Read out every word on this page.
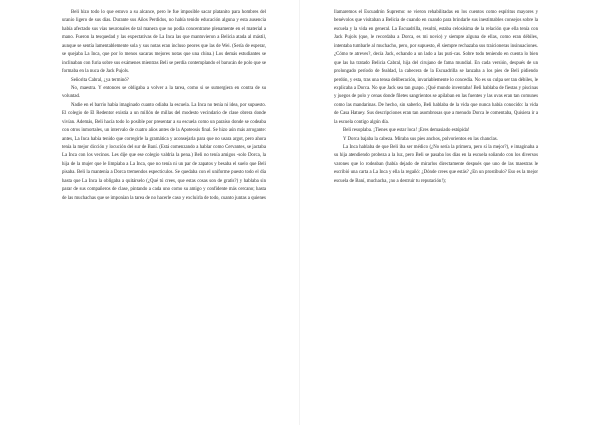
Beli hizo todo lo que estuvo a su alcance, pero le fue imposible sacar platanito para hombres del uranio ligero de sus días. Durante sus Años Perdidos, no había tenido educación alguna y esta ausencia había afectado sus vías neuronales de tal manera que no podía concentrarse plenamente en el material a mano. Fueron la tesquedad y las expectativas de La Inca las que mantuvieron a Belicia atada al mástil, aunque se sentía lamentablemente sola y sus notas eran incluso peores que las de Wei. (Sería de esperar, se quejaba La Inca, que por lo menos sacaras mejores notas que una china.) Los demás estudiantes se inclinaban con furia sobre sus exámenes mientras Beli se perdía contemplando el barucán de polo que se formaba en la nuca de Jack Pujols.

Señorita Cabral, ¿ya terminó?

No, maestra. Y entonces se obligaba a volver a la tarea, como si se sumergiera en contra de su voluntad.

Nadie en el barrio había imaginado cuanto odiaba la escuela. La Inca no tenía ni idea, por supuesto. El colegio de El Redentor existía a un millón de millas del modesto vecindario de clase obrera donde vivían. Además, Beli hacía todo lo posible por presentar a su escuela como un paraíso donde se codeaba con otros inmortales, un intervalo de cuatro años antes de la Apoteosis final. Se hizo aún más arrogante: antes, La Inca había tenido que corregirle la gramática y aconsejarla para que no usara argot, pero ahora tenía la mejor dicción y locución del sur de Baní. (Está comenzando a hablar como Cervantes, se jactaba La Inca con los vecinos. Les dije que ese colegio valdría la pena.) Beli no tenía amigos -solo Dorca, la hija de la mujer que le limpiaba a La Inca, que no tenía ni un par de zapatos y besaba el suelo que Beli pisaba. Beli la mantenía a Dorca tremendos especticulos. Se quedaba con el uniforme puesto todo el día hasta que La Inca la obligaba a quitárselo (¿Qué tú crees, que estas cosas son de gratis?) y hablaba sin parar de sus compañeros de clase, pintando a cada uno como su amigo y confidente más cercano; hasta de las muchachas que se imponían la tarea de no hacerle caso y excluirla de todo, cuanto juntas a quienes

llamaremos el Escuadrón Supremo: se vieron rehabilitadas en los cuentos como espíritus mayores y benévolos que visitaban a Belicia de cuando en cuando para brindarle sus inestimables consejos sobre la escuela y la vida en general. La Escuadrilla, resultó, estaba celosísima de la relación que ella tenía con Jack Pujols (que, le recordaba a Dorca, es mi novio) y siempre alguna de ellas, como eran débiles, intentaba tumbarle al muchacho, pero, por supuesto, él siempre rechazaba sus traicioneras insinuaciones. ¿Cómo te atreves?, decía Jack, echando a un lado a las puti-cas. Sobre todo teniendo en cuenta lo bien que las ha tratado Belicia Cabral, hija del cirujano de fama mundial. En cada versión, después de un prolongado período de fealdad, la cabecera de la Escuadrilla se lanzaba a los pies de Beli pidiendo perdón, y esta, tras una tensa deliberación, invariablemente lo concedía. No es su culpa ser tan débiles, le explicaba a Dorca. No que Jack sea tan guapo. ¡Qué mundo inventaba! Beli hablaba de fiestas y piscinas y juegos de polo y cenas donde filetes sangrientos se apilaban en las fuentes y las uvas eran tan comunes como las mandarinas. De hecho, sin saberlo, Beli hablaba de la vida que nunca había conocido: la vida de Casa Hatuey. Sus descripciones eran tan asombrosas que a menudo Dorca le comentaba, Quisiera ir a la escuela contigo algún día.

Beli resoplaba. ¡Tienes que estar loca! ¡Eres demasiado estúpida!

Y Dorca bajaba la cabeza. Miraba sus pies anchos, polvorientos en las chanclas.

La Inca hablaba de que Beli iba ser médico (¿No sería la primera, pero sí la mejor?), e imaginaba a su hija atendiendo probeza a la luz, pero Beli se pasaba los días en la escuela soñando con los diversos varones que lo rodeaban (había dejado de mirarlos directamente después que uno de las maestras le escribió una carta a La Inca y ella la regañó: ¿Dónde crees que estás? ¿En un prostíbulo? Eso es la mejor escuela de Baní, muchacha, ¡no a destruir tu reputación!);
